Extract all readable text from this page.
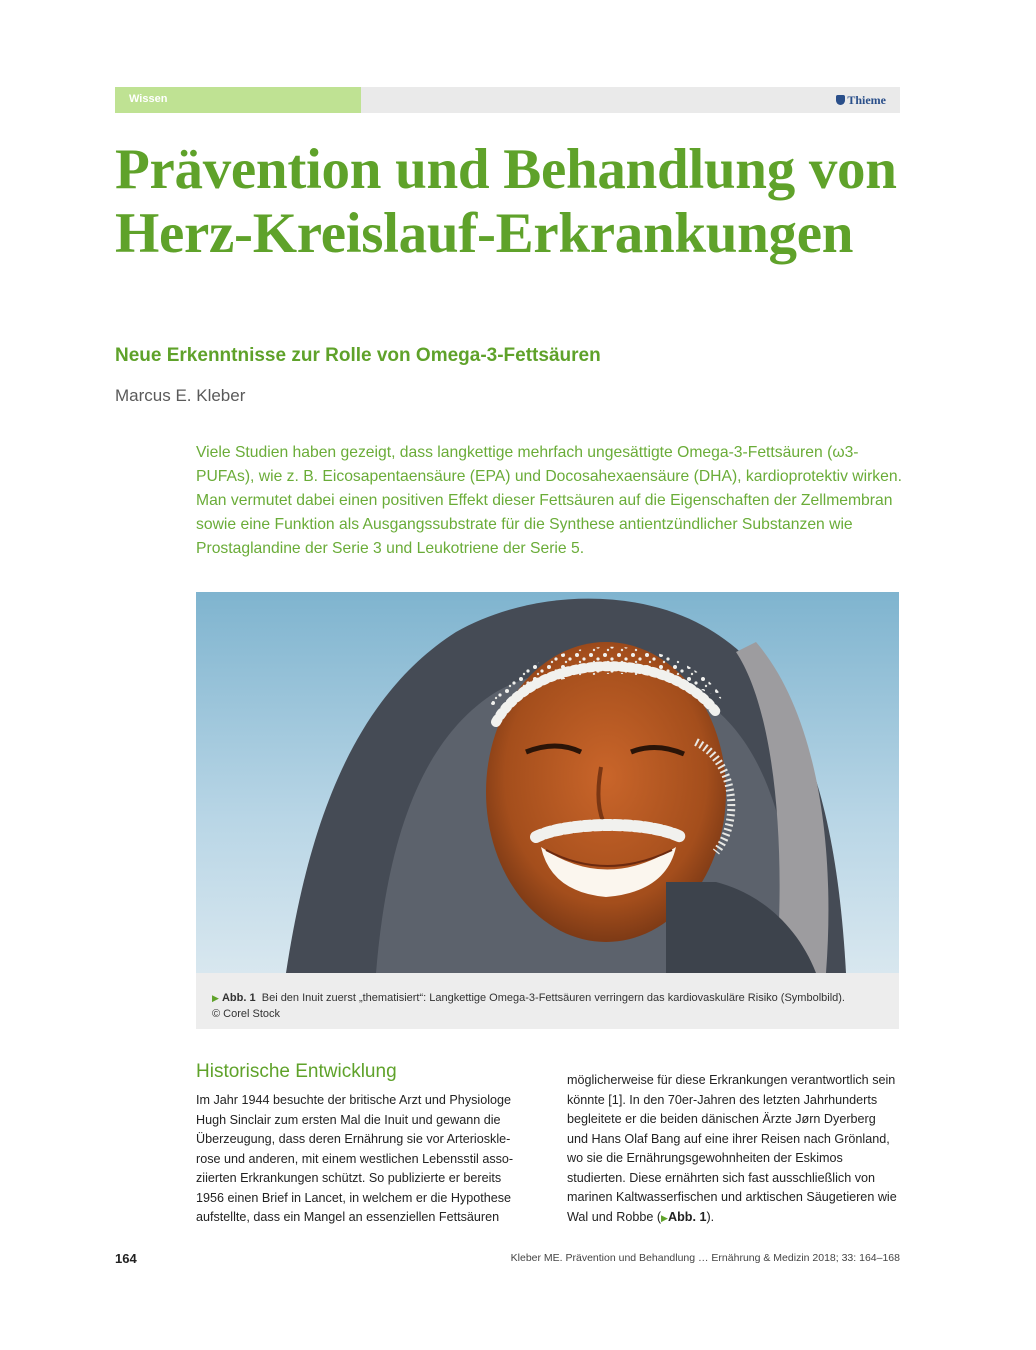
Wissen	Thieme
Prävention und Behandlung von Herz-Kreislauf-Erkrankungen
Neue Erkenntnisse zur Rolle von Omega-3-Fettsäuren
Marcus E. Kleber

Viele Studien haben gezeigt, dass langkettige mehrfach ungesättigte Omega-3-Fettsäuren (ω3-PUFAs), wie z. B. Eicosapentaensäure (EPA) und Docosahexaensäure (DHA), kardioprotektiv wirken. Man vermutet dabei einen positiven Effekt dieser Fettsäuren auf die Eigenschaften der Zellmembran sowie eine Funktion als Ausgangssubstrate für die Synthese antientzündlicher Substanzen wie Prostaglandine der Serie 3 und Leukotriene der Serie 5.

▶ Abb. 1 Bei den Inuit zuerst „thematisiert“: Langkettige Omega-3-Fettsäuren verringern das kardiovaskuläre Risiko (Symbolbild).
© Corel Stock
Historische Entwicklung
Im Jahr 1944 besuchte der britische Arzt und Physiologe Hugh Sinclair zum ersten Mal die Inuit und gewann die Überzeugung, dass deren Ernährung sie vor Arteriosklerose und anderen, mit einem westlichen Lebensstil assoziierten Erkrankungen schützt. So publizierte er bereits 1956 einen Brief in Lancet, in welchem er die Hypothese aufstellte, dass ein Mangel an essenziellen Fettsäuren
möglicherweise für diese Erkrankungen verantwortlich sein könnte [1]. In den 70er-Jahren des letzten Jahrhunderts begleitete er die beiden dänischen Ärzte Jørn Dyerberg und Hans Olaf Bang auf eine ihrer Reisen nach Grönland, wo sie die Ernährungsgewohnheiten der Eskimos studierten. Diese ernährten sich fast ausschließlich von marinen Kaltwasserfischen und arktischen Säugetieren wie Wal und Robbe (▶Abb. 1).
164	Kleber ME. Prävention und Behandlung … Ernährung & Medizin 2018; 33: 164–168
